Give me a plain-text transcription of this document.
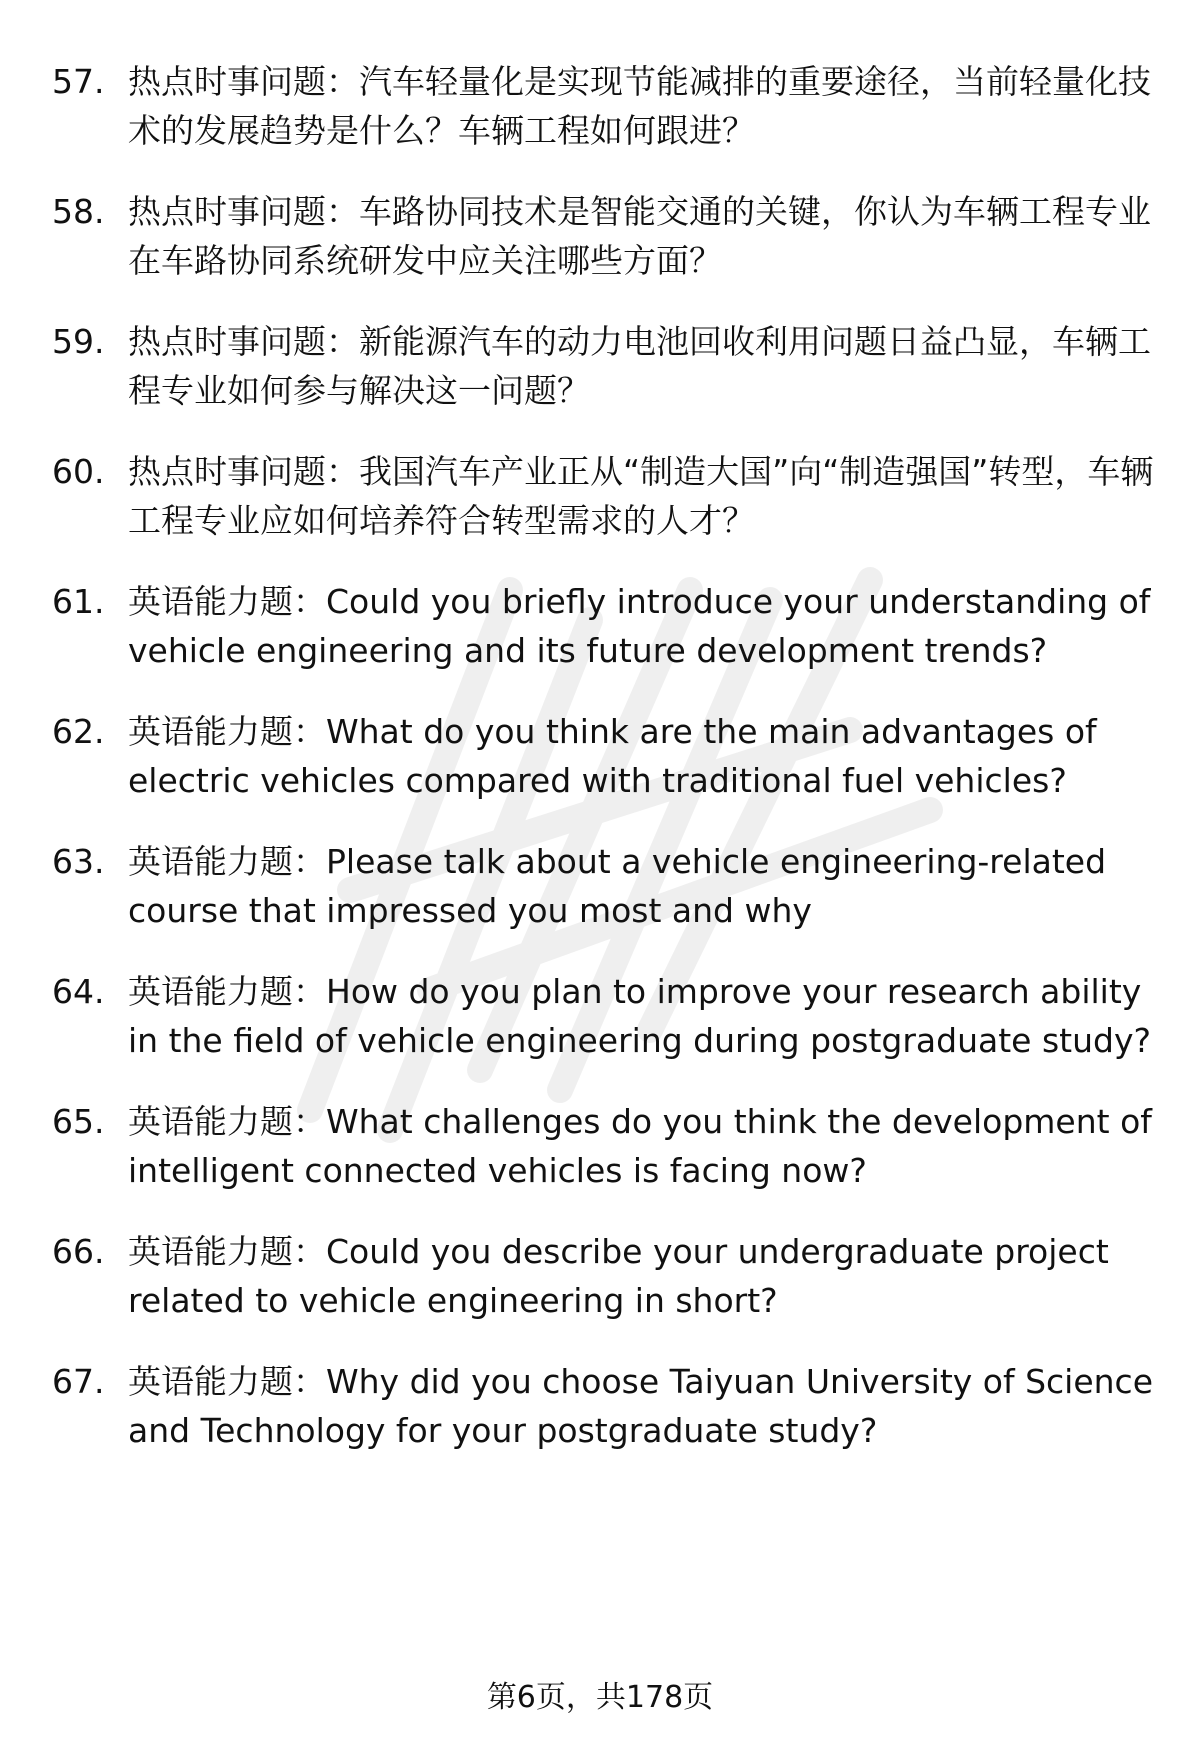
57. 热点时事问题：汽车轻量化是实现节能减排的重要途径，当前轻量化技术的发展趋势是什么？车辆工程如何跟进？
58. 热点时事问题：车路协同技术是智能交通的关键，你认为车辆工程专业在车路协同系统研发中应关注哪些方面？
59. 热点时事问题：新能源汽车的动力电池回收利用问题日益凸显，车辆工程专业如何参与解决这一问题？
60. 热点时事问题：我国汽车产业正从“制造大国”向“制造强国”转型，车辆工程专业应如何培养符合转型需求的人才？
61. 英语能力题：Could you briefly introduce your understanding of vehicle engineering and its future development trends?
62. 英语能力题：What do you think are the main advantages of electric vehicles compared with traditional fuel vehicles?
63. 英语能力题：Please talk about a vehicle engineering-related course that impressed you most and why
64. 英语能力题：How do you plan to improve your research ability in the field of vehicle engineering during postgraduate study?
65. 英语能力题：What challenges do you think the development of intelligent connected vehicles is facing now?
66. 英语能力题：Could you describe your undergraduate project related to vehicle engineering in short?
67. 英语能力题：Why did you choose Taiyuan University of Science and Technology for your postgraduate study?
第6页，共178页
